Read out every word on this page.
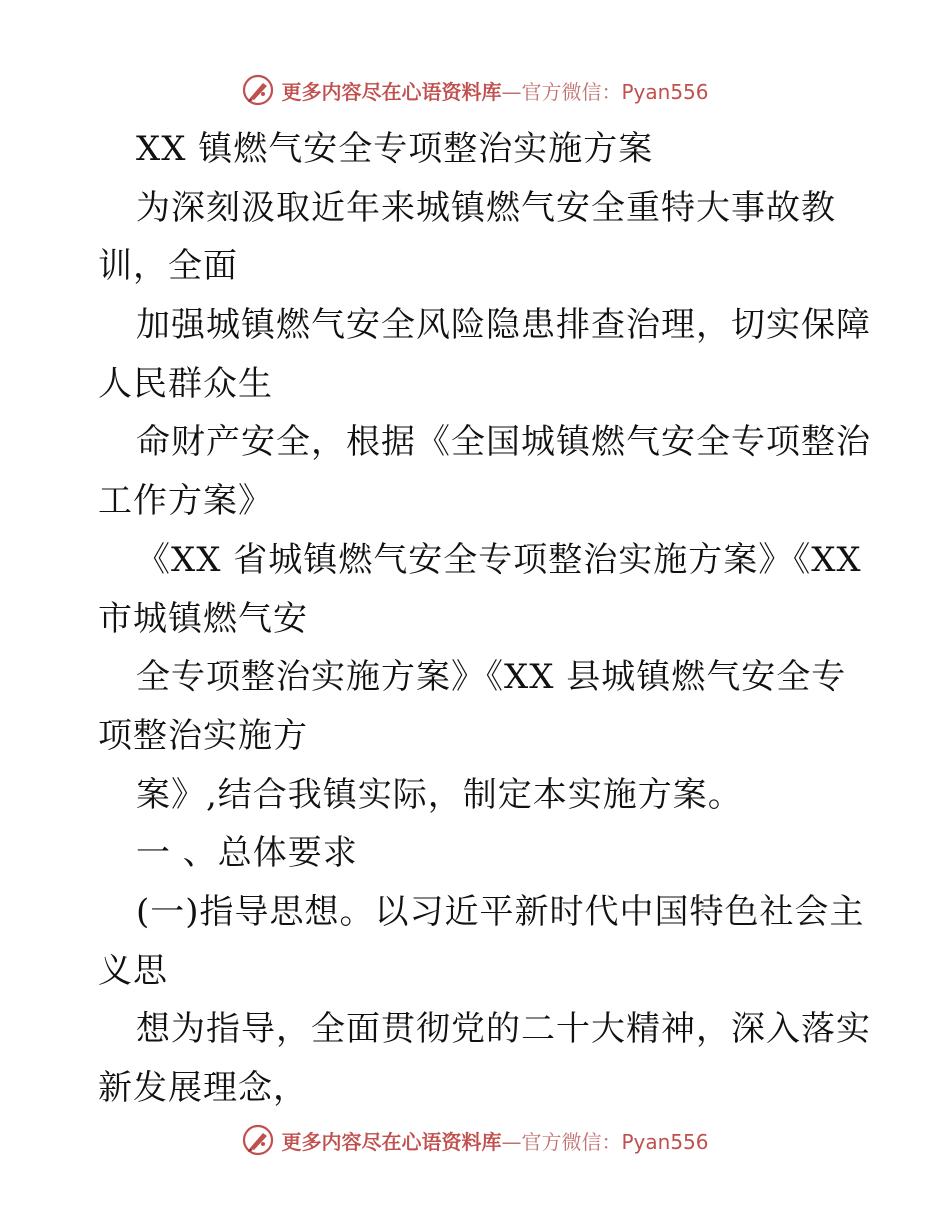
更多内容尽在心语资料库—官方微信：Pyan556
XX 镇燃气安全专项整治实施方案
为深刻汲取近年来城镇燃气安全重特大事故教
训，全面
加强城镇燃气安全风险隐患排查治理，切实保障
人民群众生
命财产安全，根据《全国城镇燃气安全专项整治
工作方案》
《XX 省城镇燃气安全专项整治实施方案》《XX
市城镇燃气安
全专项整治实施方案》《XX 县城镇燃气安全专
项整治实施方
案》,结合我镇实际，制定本实施方案。
一 、总体要求
(一)指导思想。以习近平新时代中国特色社会主
义思
想为指导，全面贯彻党的二十大精神，深入落实
新发展理念，
更多内容尽在心语资料库—官方微信：Pyan556
